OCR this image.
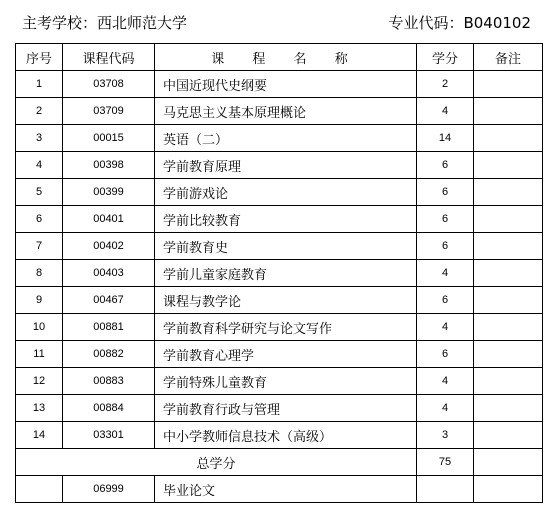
主考学校：西北师范大学	专业代码：B040102
序号	课程代码	课 程 名 称	学分	备注
1	03708	中国近现代史纲要	2	
2	03709	马克思主义基本原理概论	4	
3	00015	英语（二）	14	
4	00398	学前教育原理	6	
5	00399	学前游戏论	6	
6	00401	学前比较教育	6	
7	00402	学前教育史	6	
8	00403	学前儿童家庭教育	4	
9	00467	课程与教学论	6	
10	00881	学前教育科学研究与论文写作	4	
11	00882	学前教育心理学	6	
12	00883	学前特殊儿童教育	4	
13	00884	学前教育行政与管理	4	
14	03301	中小学教师信息技术（高级）	3	
总学分			75	
	06999	毕业论文		
